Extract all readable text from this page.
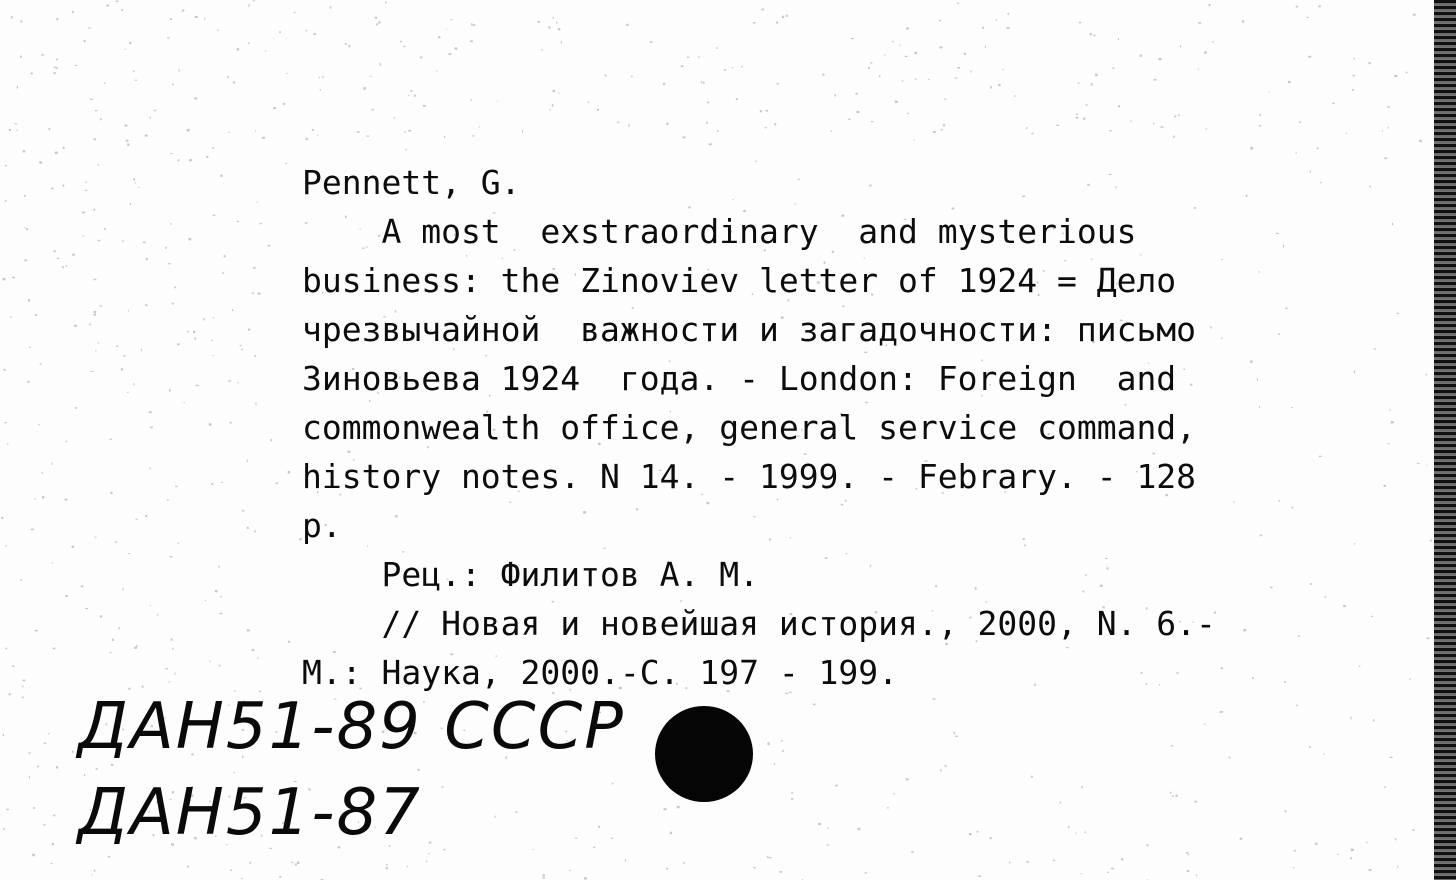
Pennett, G.
A most  exstraordinary  and mysterious
business: the Zinoviev letter of 1924 = Дело
чрезвычайной  важности и загадочности: письмо
Зиновьева 1924  года. - London: Foreign  and
commonwealth office, general service command,
history notes. N 14. - 1999. - Febrary. - 128
p.
Рец.: Филитов А. М.
// Новая и новейшая история., 2000, N. 6.-
М.: Наука, 2000.-С. 197 - 199.
ДАН51-89 СССР
ДАН51-87
